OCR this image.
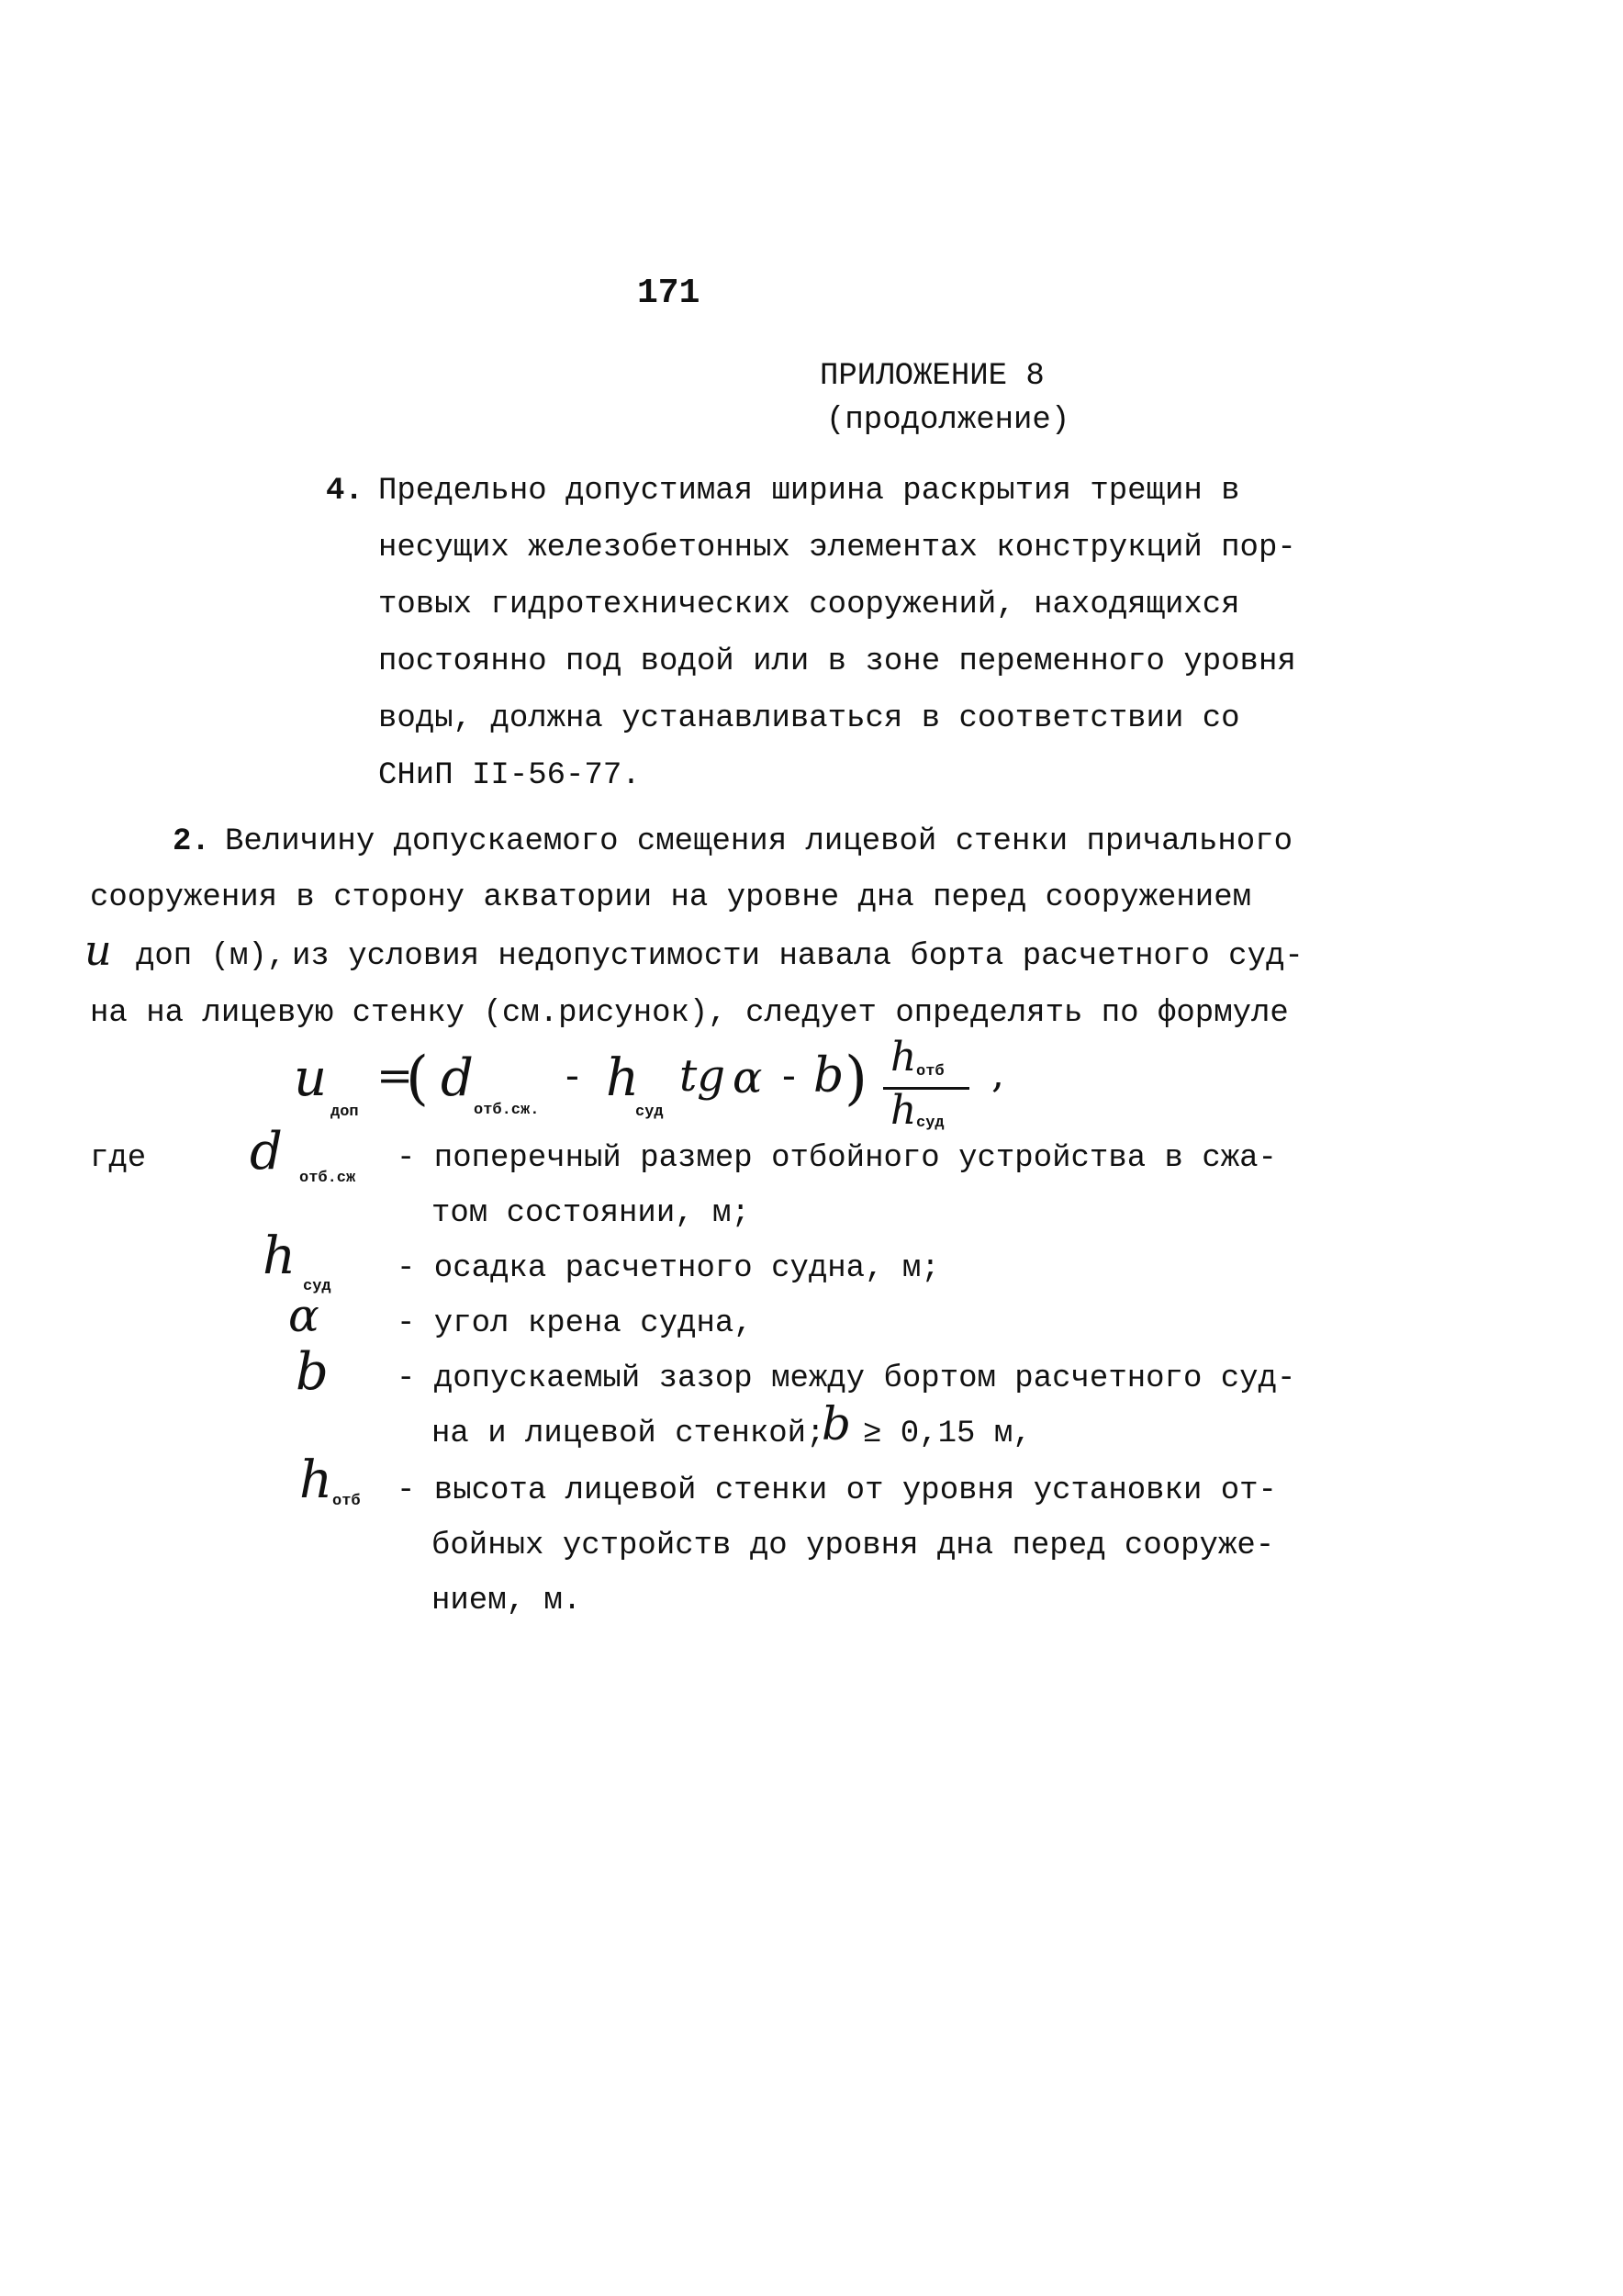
171
ПРИЛОЖЕНИЕ 8
(продолжение)
4. Предельно допустимая ширина раскрытия трещин в
несущих железобетонных элементах конструкций пор-
товых гидротехнических сооружений, находящихся
постоянно под водой или в зоне переменного уровня
воды, должна устанавливаться в соответствии со
СНиП II-56-77.
2. Величину допускаемого смещения лицевой стенки причального
сооружения в сторону акватории на уровне дна перед сооружением
u доп (м), из условия недопустимости навала борта расчетного суд-
на на лицевую стенку (см.рисунок), следует определять по формуле
u
доп
=
( d
отб.сж.
- h
суд
tg α - b ) h отб
h суд
,
где d отб.сж
- поперечный размер отбойного устройства в сжа-
том состоянии, м;
h
суд
- осадка расчетного судна, м;
α - угол крена судна,
b - допускаемый зазор между бортом расчетного суд-
на и лицевой стенкой;
b ≥ 0,15 м,
h отб - высота лицевой стенки от уровня установки от-
бойных устройств до уровня дна перед сооруже-
нием, м.
